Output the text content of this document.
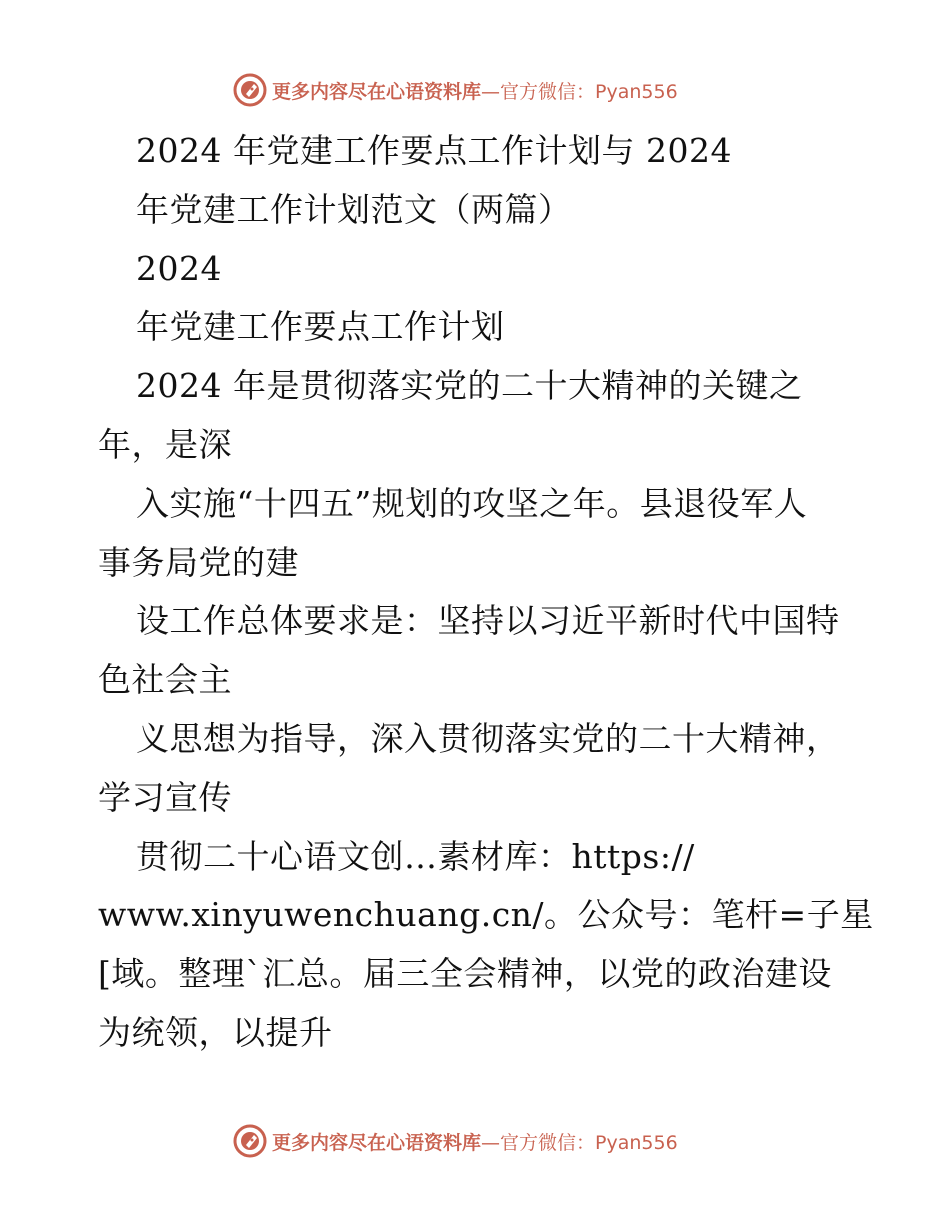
更多内容尽在心语资料库—官方微信：Pyan556
2024 年党建工作要点工作计划与 2024
年党建工作计划范文（两篇）
2024
年党建工作要点工作计划
2024 年是贯彻落实党的二十大精神的关键之
年，是深
入实施“十四五”规划的攻坚之年。县退役军人
事务局党的建
设工作总体要求是：坚持以习近平新时代中国特
色社会主
义思想为指导，深入贯彻落实党的二十大精神，
学习宣传
贯彻二十心语文创…素材库：https://
www.xinyuwenchuang.cn/。公众号：笔杆=子星
[域。整理`汇总。届三全会精神，以党的政治建设
为统领，以提升
更多内容尽在心语资料库—官方微信：Pyan556
